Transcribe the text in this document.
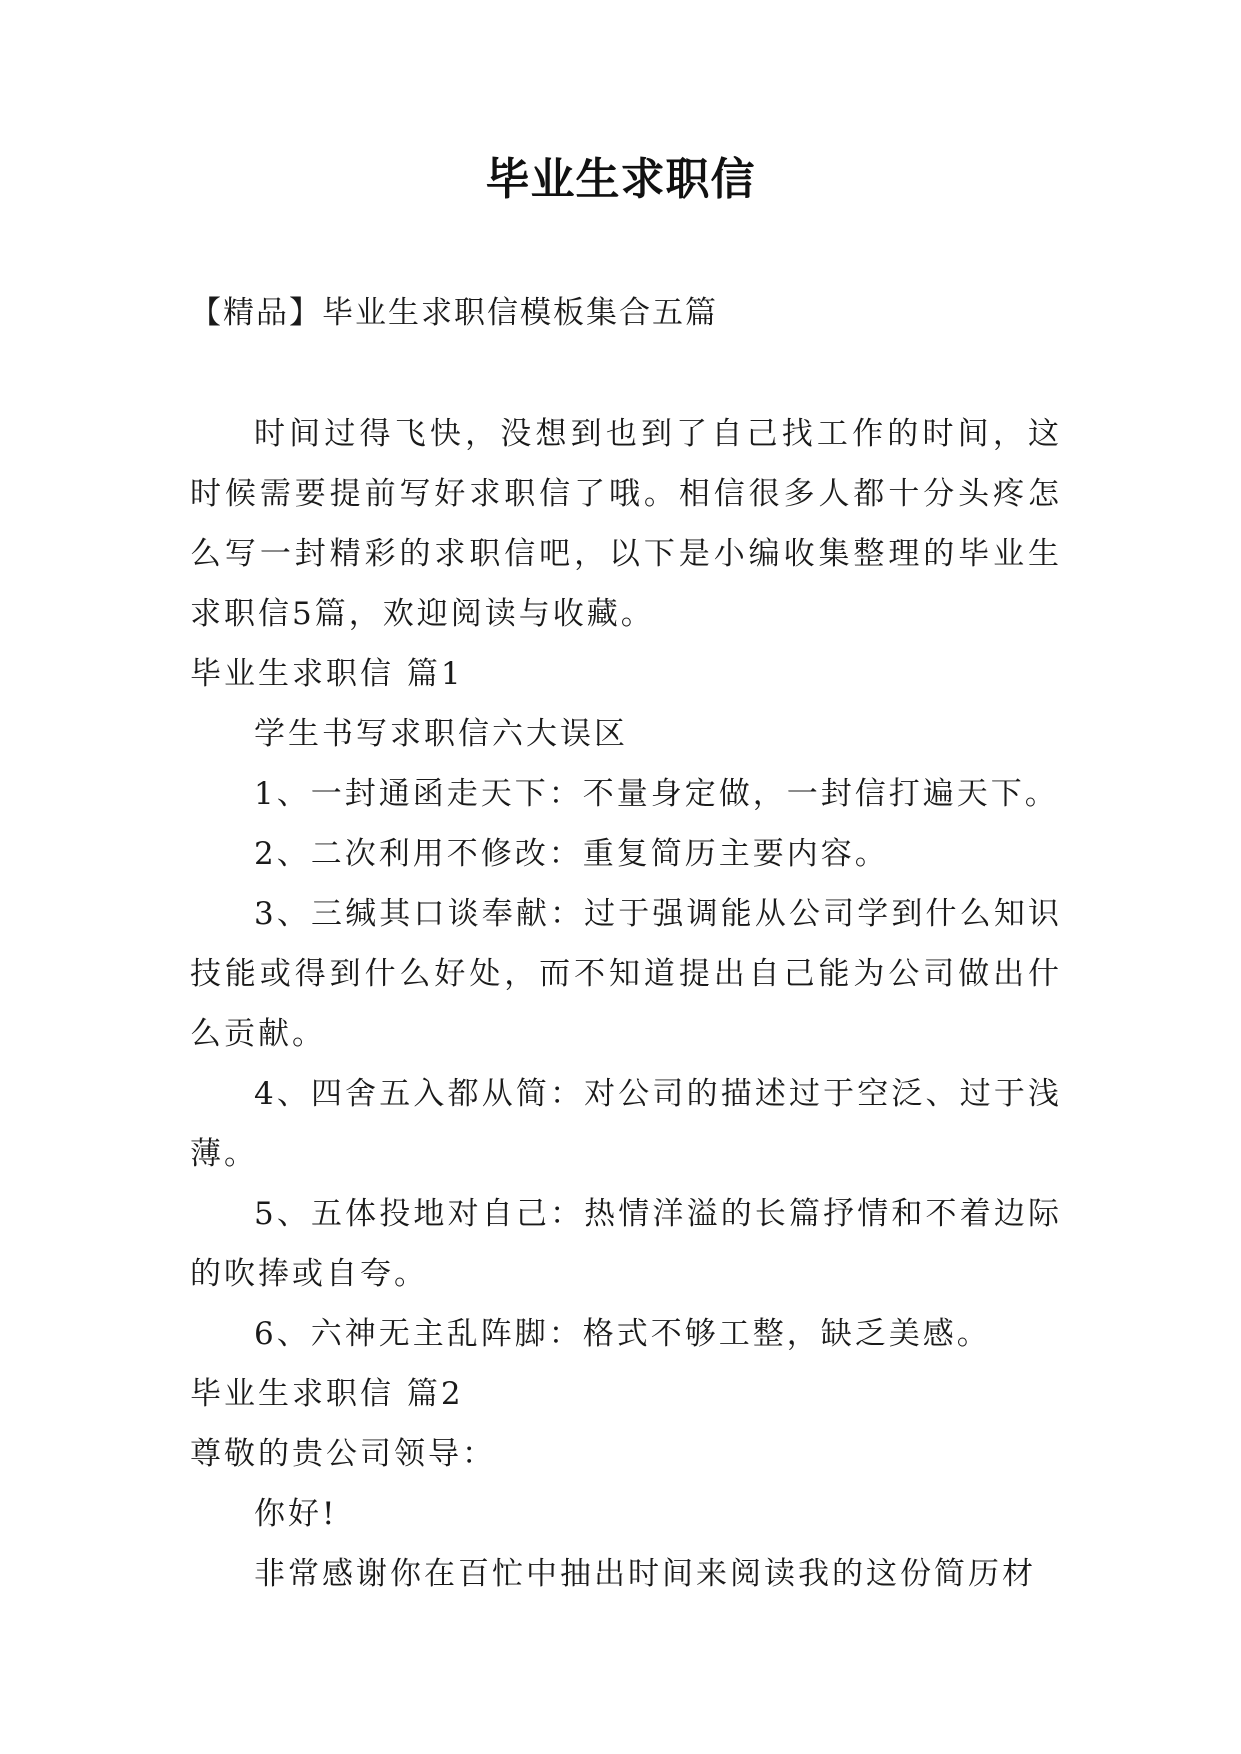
毕业生求职信
【精品】毕业生求职信模板集合五篇

时间过得飞快，没想到也到了自己找工作的时间，这时候需要提前写好求职信了哦。相信很多人都十分头疼怎么写一封精彩的求职信吧，以下是小编收集整理的毕业生求职信5篇，欢迎阅读与收藏。

毕业生求职信 篇1

学生书写求职信六大误区

1、一封通函走天下：不量身定做，一封信打遍天下。

2、二次利用不修改：重复简历主要内容。

3、三缄其口谈奉献：过于强调能从公司学到什么知识技能或得到什么好处，而不知道提出自己能为公司做出什么贡献。

4、四舍五入都从简：对公司的描述过于空泛、过于浅薄。

5、五体投地对自己：热情洋溢的长篇抒情和不着边际的吹捧或自夸。

6、六神无主乱阵脚：格式不够工整，缺乏美感。

毕业生求职信 篇2

尊敬的贵公司领导：

你好!

非常感谢你在百忙中抽出时间来阅读我的这份简历材
